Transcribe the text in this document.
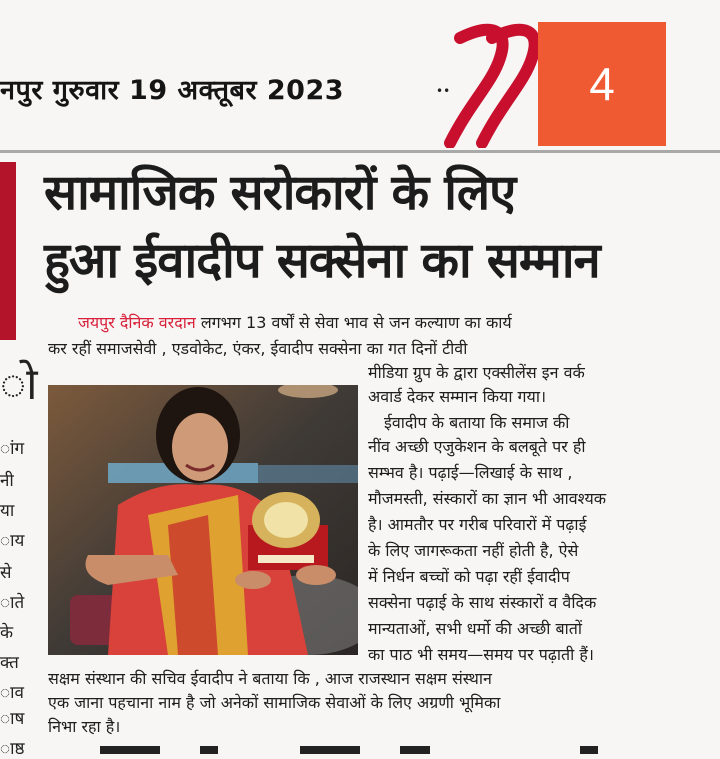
नपुर गुरुवार 19 अक्तूबर 2023	••	4
सामाजिक सरोकारों के लिए
हुआ ईवादीप सक्सेना का सम्मान
ो
ांग
नी
या
ाय
से
ाते
के
क्त
ाव
ाष
ाष्ठ
जयपुर दैनिक वरदान लगभग 13 वर्षों से सेवा भाव से जन कल्याण का कार्य
कर रहीं समाजसेवी , एडवोकेट, एंकर, ईवादीप सक्सेना का गत दिनों टीवी
मीडिया ग्रुप के द्वारा एक्सीलेंस इन वर्क
अवार्ड देकर सम्मान किया गया।
ईवादीप के बताया कि समाज की
नींव अच्छी एजुकेशन के बलबूते पर ही
सम्भव है। पढ़ाई—लिखाई के साथ ,
मौजमस्ती, संस्कारों का ज्ञान भी आवश्यक
है। आमतौर पर गरीब परिवारों में पढ़ाई
के लिए जागरूकता नहीं होती है, ऐसे
में निर्धन बच्चों को पढ़ा रहीं ईवादीप
सक्सेना पढ़ाई के साथ संस्कारों व वैदिक
मान्यताओं, सभी धर्मो की अच्छी बातों
का पाठ भी समय—समय पर पढ़ाती हैं।
सक्षम संस्थान की सचिव ईवादीप ने बताया कि , आज राजस्थान सक्षम संस्थान
एक जाना पहचाना नाम है जो अनेकों सामाजिक सेवाओं के लिए अग्रणी भूमिका
निभा रहा है।
